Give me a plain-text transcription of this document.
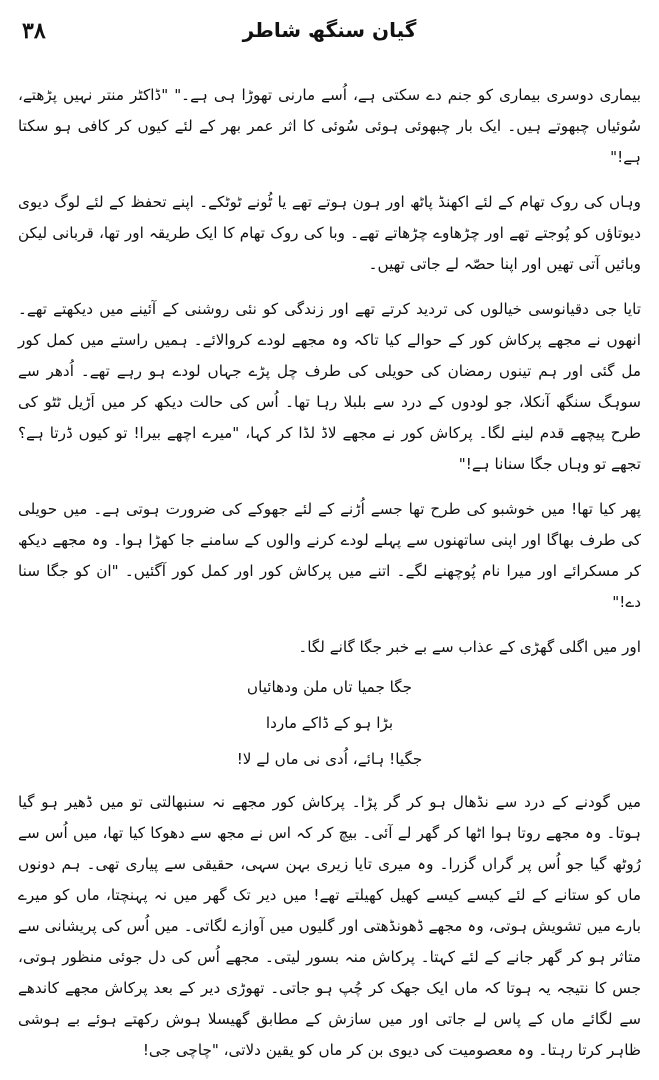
۳۸	گیان سنگھ شاطر

بیماری دوسری بیماری کو جنم دے سکتی ہے، اُسے مارنی تھوڑا ہی ہے۔" "ڈاکٹر منتر نہیں پڑھتے، سُوئیاں چبھوتے ہیں۔ ایک بار چبھوئی ہوئی سُوئی کا اثر عمر بھر کے لئے کیوں کر کافی ہو سکتا ہے!"

وہاں کی روک تھام کے لئے اکھنڈ پاٹھ اور ہون ہوتے تھے یا ٹُونے ٹوٹکے۔ اپنے تحفظ کے لئے لوگ دیوی دیوتاؤں کو پُوجتے تھے اور چڑھاوے چڑھاتے تھے۔ وبا کی روک تھام کا ایک طریقہ اور تھا، قربانی لیکن وبائیں آتی تھیں اور اپنا حصّہ لے جاتی تھیں۔

تایا جی دقیانوسی خیالوں کی تردید کرتے تھے اور زندگی کو نئی روشنی کے آئینے میں دیکھتے تھے۔ انھوں نے مجھے پرکاش کور کے حوالے کیا تاکہ وہ مجھے لودے کروالائے۔ ہمیں راستے میں کمل کور مل گئی اور ہم تینوں رمضان کی حویلی کی طرف چل پڑے جہاں لودے ہو رہے تھے۔ اُدھر سے سوہگ سنگھ آنکلا، جو لودوں کے درد سے بلبلا رہا تھا۔ اُس کی حالت دیکھ کر میں اَڑیل ٹٹو کی طرح پیچھے قدم لینے لگا۔ پرکاش کور نے مجھے لاڈ لڈا کر کہا، "میرے اچھے بیرا! تو کیوں ڈرتا ہے؟ تجھے تو وہاں جگا سنانا ہے!"

پھر کیا تھا! میں خوشبو کی طرح تھا جسے اُڑنے کے لئے جھوکے کی ضرورت ہوتی ہے۔ میں حویلی کی طرف بھاگا اور اپنی ساتھنوں سے پہلے لودے کرنے والوں کے سامنے جا کھڑا ہوا۔ وہ مجھے دیکھ کر مسکرائے اور میرا نام پُوچھنے لگے۔ اتنے میں پرکاش کور اور کمل کور آگئیں۔ "ان کو جگا سنا دے!"

اور میں اگلی گھڑی کے عذاب سے بے خبر جگا گانے لگا۔

جگا جمیا تاں ملن ودھائیاں
بڑا ہو کے ڈاکے ماردا
جگیا! ہائے، اُدی نی ماں لے لا!

میں گودنے کے درد سے نڈھال ہو کر گر پڑا۔ پرکاش کور مجھے نہ سنبھالتی تو میں ڈھیر ہو گیا ہوتا۔ وہ مجھے روتا ہوا اٹھا کر گھر لے آئی۔ بیچ کر کہ اس نے مجھ سے دھوکا کیا تھا، میں اُس سے رُوٹھ گیا جو اُس پر گراں گزرا۔ وہ میری تایا زیری بہن سہی، حقیقی سے پیاری تھی۔ ہم دونوں ماں کو ستانے کے لئے کیسے کیسے کھیل کھیلتے تھے! میں دیر تک گھر میں نہ پہنچتا، ماں کو میرے بارے میں تشویش ہوتی، وہ مجھے ڈھونڈھتی اور گلیوں میں آوازے لگاتی۔ میں اُس کی پریشانی سے متاثر ہو کر گھر جانے کے لئے کہتا۔ پرکاش منہ بسور لیتی۔ مجھے اُس کی دل جوئی منظور ہوتی، جس کا نتیجہ یہ ہوتا کہ ماں ایک جھک کر چُپ ہو جاتی۔ تھوڑی دیر کے بعد پرکاش مجھے کاندھے سے لگائے ماں کے پاس لے جاتی اور میں سازش کے مطابق گھیسلا ہوش رکھتے ہوئے بے ہوشی ظاہر کرتا رہتا۔ وہ معصومیت کی دیوی بن کر ماں کو یقین دلاتی، "چاچی جی!
